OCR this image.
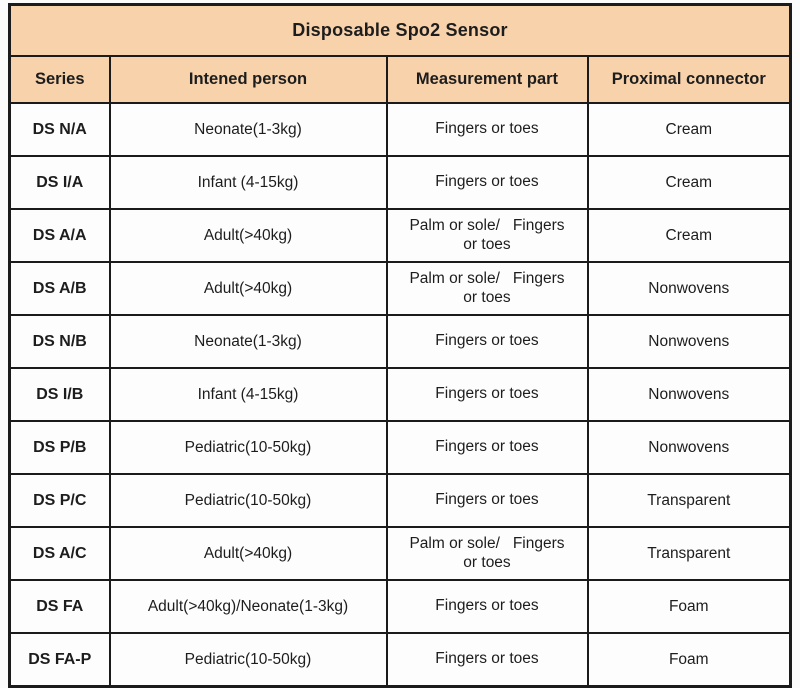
Disposable Spo2 Sensor			
Series	Intened person	Measurement part	Proximal connector
DS N/A	Neonate(1-3kg)	Fingers or toes	Cream
DS I/A	Infant (4-15kg)	Fingers or toes	Cream
DS A/A	Adult(>40kg)	Palm or sole/   Fingers
or toes	Cream
DS A/B	Adult(>40kg)	Palm or sole/   Fingers
or toes	Nonwovens
DS N/B	Neonate(1-3kg)	Fingers or toes	Nonwovens
DS I/B	Infant (4-15kg)	Fingers or toes	Nonwovens
DS P/B	Pediatric(10-50kg)	Fingers or toes	Nonwovens
DS P/C	Pediatric(10-50kg)	Fingers or toes	Transparent
DS A/C	Adult(>40kg)	Palm or sole/   Fingers
or toes	Transparent
DS FA	Adult(>40kg)/Neonate(1-3kg)	Fingers or toes	Foam
DS FA-P	Pediatric(10-50kg)	Fingers or toes	Foam
